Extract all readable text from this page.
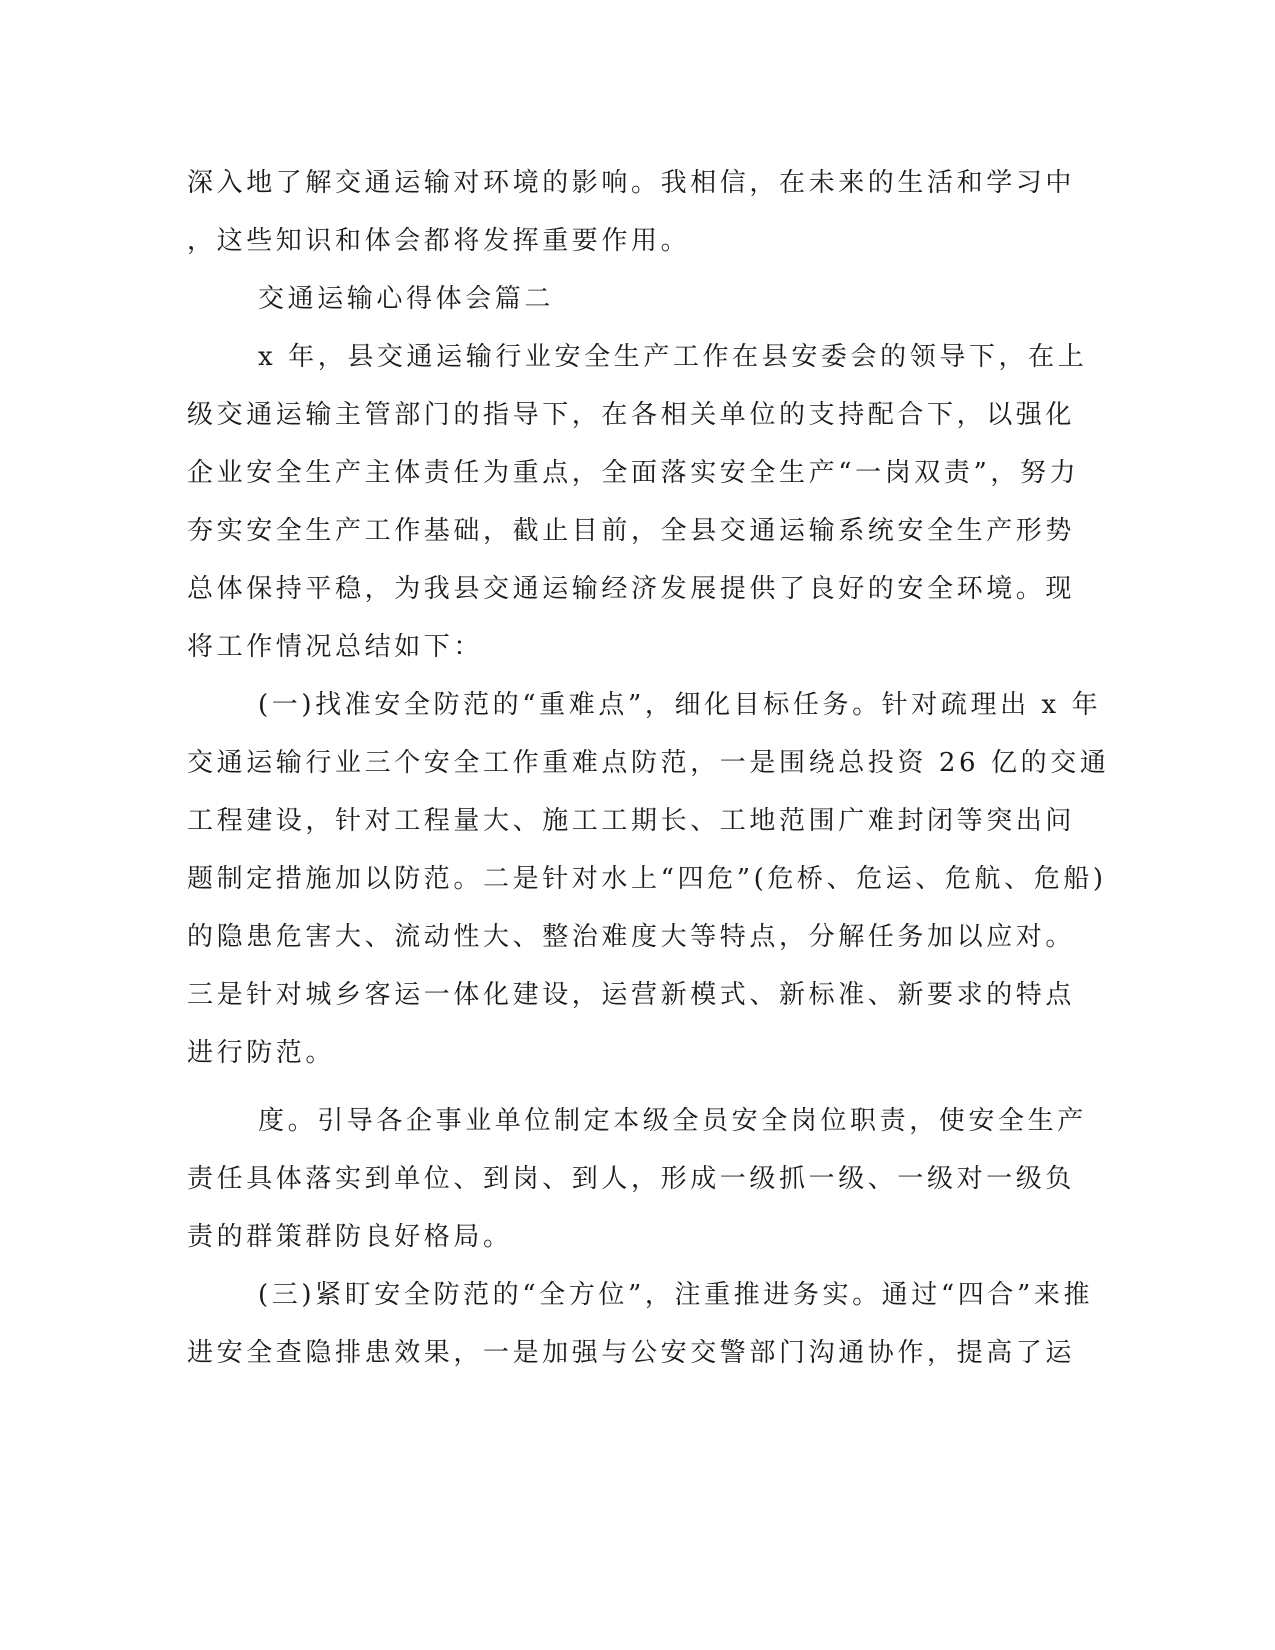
深入地了解交通运输对环境的影响。我相信，在未来的生活和学习中
，这些知识和体会都将发挥重要作用。
交通运输心得体会篇二
x 年，县交通运输行业安全生产工作在县安委会的领导下，在上
级交通运输主管部门的指导下，在各相关单位的支持配合下，以强化
企业安全生产主体责任为重点，全面落实安全生产“一岗双责”，努力
夯实安全生产工作基础，截止目前，全县交通运输系统安全生产形势
总体保持平稳，为我县交通运输经济发展提供了良好的安全环境。现
将工作情况总结如下：
(一)找准安全防范的“重难点”，细化目标任务。针对疏理出 x 年
交通运输行业三个安全工作重难点防范，一是围绕总投资 26 亿的交通
工程建设，针对工程量大、施工工期长、工地范围广难封闭等突出问
题制定措施加以防范。二是针对水上“四危”(危桥、危运、危航、危船)
的隐患危害大、流动性大、整治难度大等特点，分解任务加以应对。
三是针对城乡客运一体化建设，运营新模式、新标准、新要求的特点
进行防范。
度。引导各企事业单位制定本级全员安全岗位职责，使安全生产
责任具体落实到单位、到岗、到人，形成一级抓一级、一级对一级负
责的群策群防良好格局。
(三)紧盯安全防范的“全方位”，注重推进务实。通过“四合”来推
进安全查隐排患效果，一是加强与公安交警部门沟通协作，提高了运
